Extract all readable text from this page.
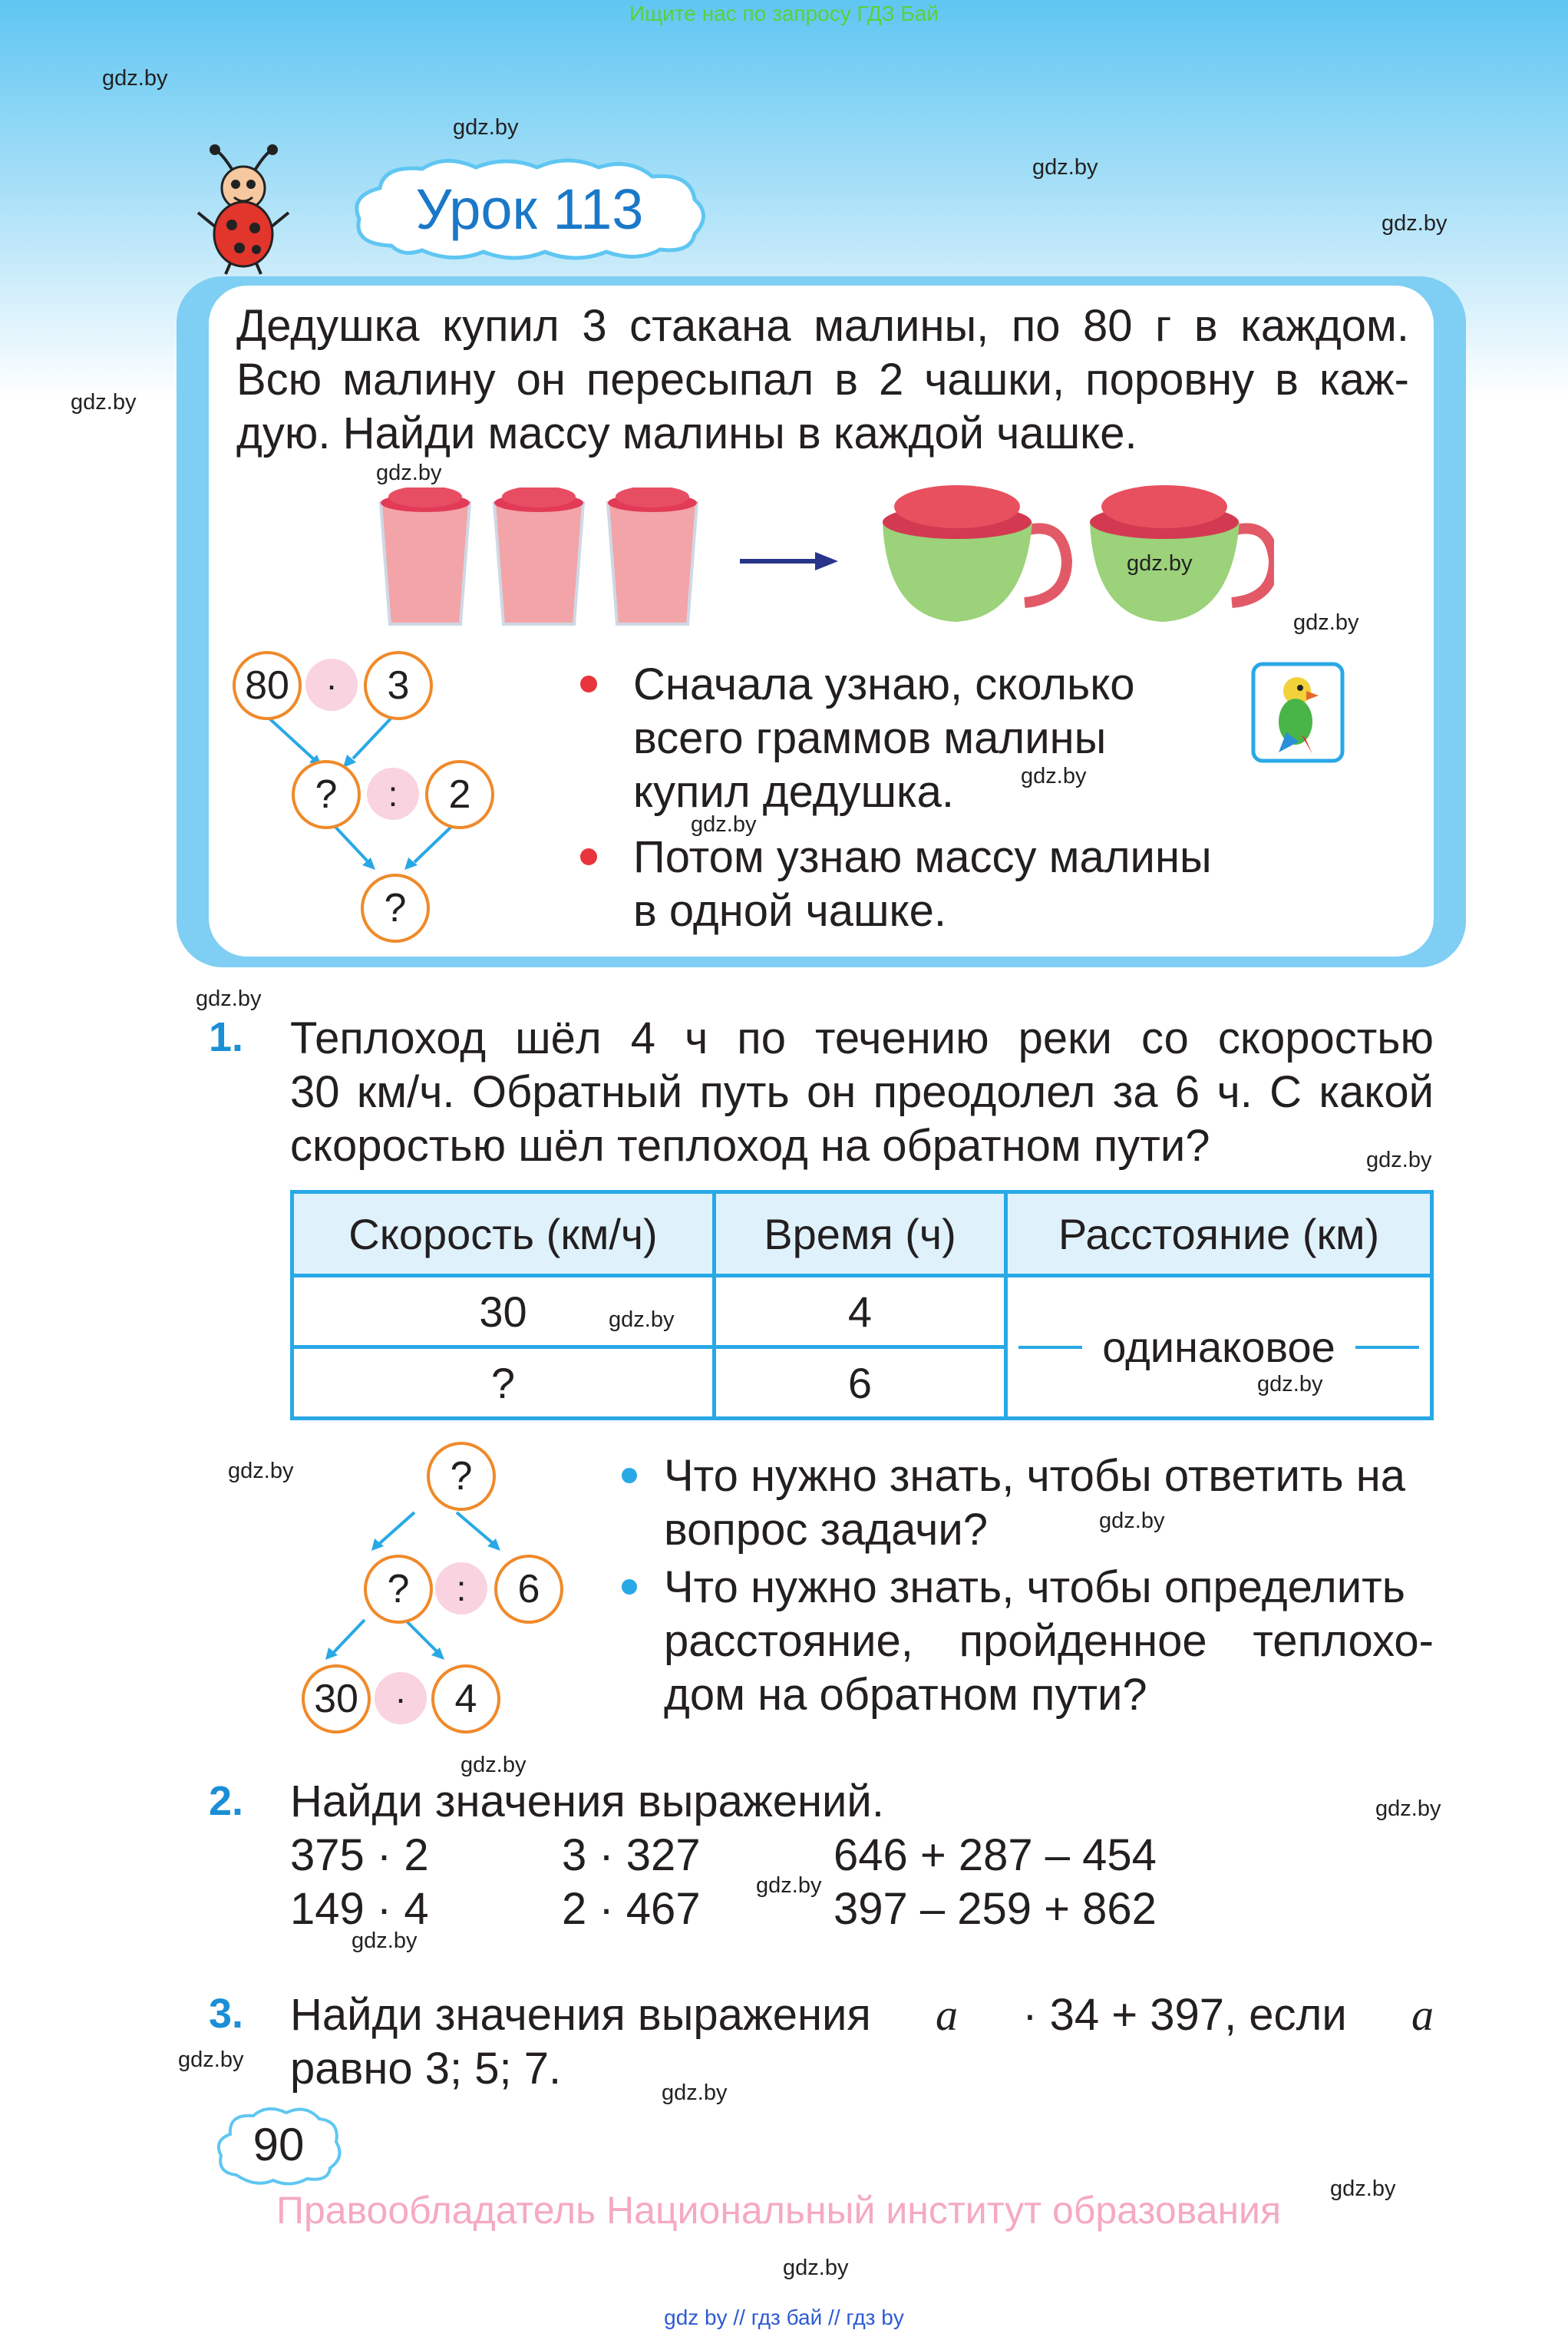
Ищите нас по запросу ГДЗ Бай
gdz.by
gdz.by
gdz.by
gdz.by
gdz.by
Урок 113
Дедушка купил 3 стакана малины, по 80 г в каждом.
Всю малину он пересыпал в 2 чашки, поровну в каж-
дую. Найди массу малины в каждой чашке.
gdz.by
gdz.by
gdz.by
80	·	3
?	:	2
?
Сначала узнаю, сколько
всего граммов малины
купил дедушка.
Потом узнаю массу малины
в одной чашке.
gdz.by
gdz.by
gdz.by
1. Теплоход шёл 4 ч по течению реки со скоростью
30 км/ч. Обратный путь он преодолел за 6 ч. С какой
скоростью шёл теплоход на обратном пути?	gdz.by
Скорость (км/ч)	Время (ч)	Расстояние (км)
30	4	одинаковое
?	6	
gdz.by
gdz.by
gdz.by	?
?	:	6
30	·	4
Что нужно знать, чтобы ответить на
вопрос задачи?	gdz.by
Что нужно знать, чтобы определить
расстояние, пройденное теплохо-
дом на обратном пути?
gdz.by
2. Найди значения выражений.	gdz.by
375 · 2	3 · 327	646 + 287 – 454
149 · 4	2 · 467	397 – 259 + 862
gdz.by
gdz.by
3. Найди значения выражения a · 34 + 397, если a
равно 3; 5; 7.
gdz.by
gdz.by
90
gdz.by
Правообладатель Национальный институт образования
gdz.by
gdz by // гдз бай // гдз by
